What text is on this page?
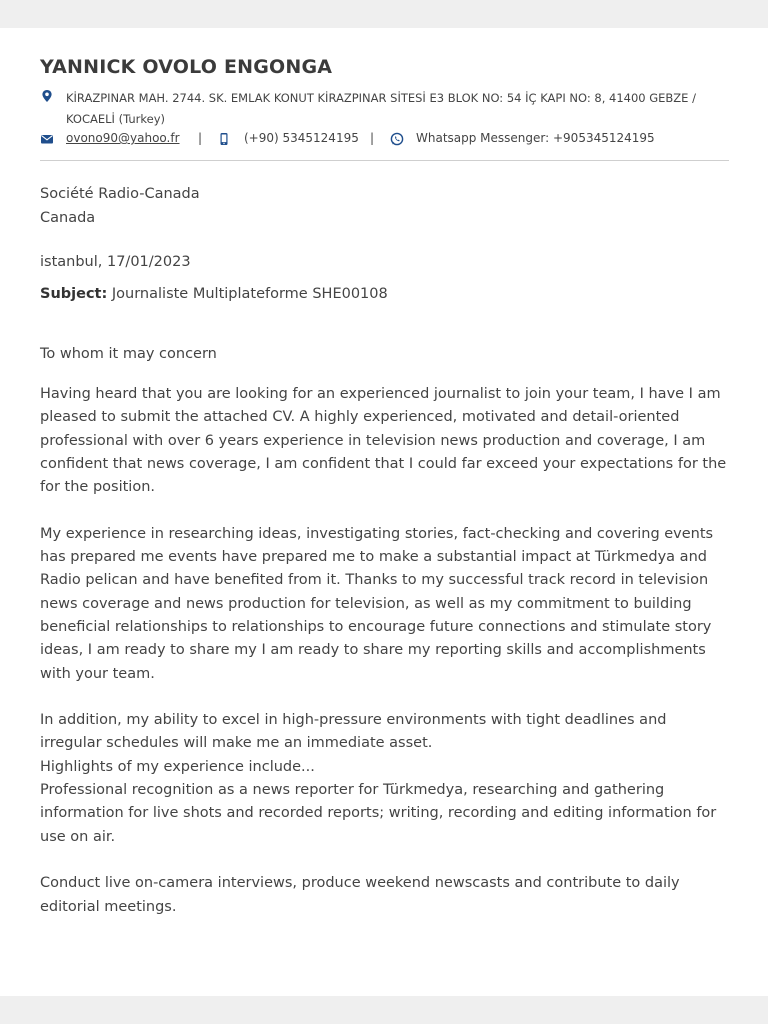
YANNICK OVOLO ENGONGA
KİRAZPINAR MAH. 2744. SK. EMLAK KONUT KİRAZPINAR SİTESİ E3 BLOK NO: 54 İÇ KAPI NO: 8, 41400 GEBZE / KOCAELİ (Turkey)
ovono90@yahoo.fr |	(+90) 5345124195 |	Whatsapp Messenger: +905345124195
Société Radio-Canada
Canada
istanbul, 17/01/2023
Subject: Journaliste Multiplateforme SHE00108
To whom it may concern

Having heard that you are looking for an experienced journalist to join your team, I have I am pleased to submit the attached CV. A highly experienced, motivated and detail-oriented professional with over 6 years experience in television news production and coverage, I am confident that news coverage, I am confident that I could far exceed your expectations for the for the position.

My experience in researching ideas, investigating stories, fact-checking and covering events has prepared me events have prepared me to make a substantial impact at Türkmedya and Radio pelican and have benefited from it. Thanks to my successful track record in television news coverage and news production for television, as well as my commitment to building beneficial relationships to relationships to encourage future connections and stimulate story ideas, I am ready to share my I am ready to share my reporting skills and accomplishments with your team.

In addition, my ability to excel in high-pressure environments with tight deadlines and irregular schedules will make me an immediate asset.
Highlights of my experience include...
Professional recognition as a news reporter for Türkmedya, researching and gathering information for live shots and recorded reports; writing, recording and editing information for use on air.

Conduct live on-camera interviews, produce weekend newscasts and contribute to daily editorial meetings.
